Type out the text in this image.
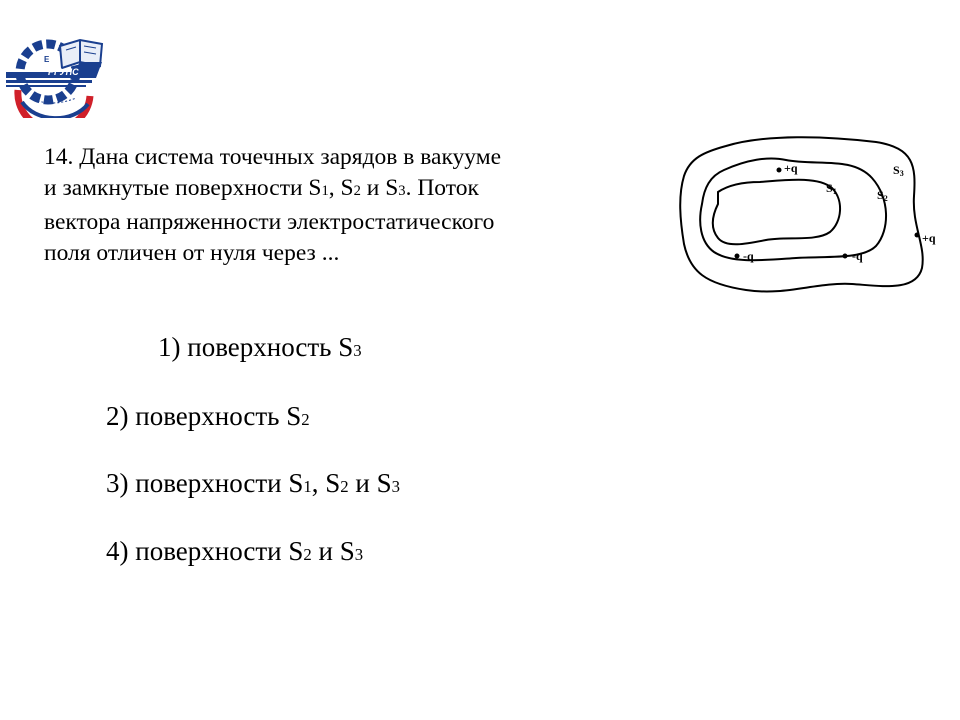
РГУПС
E
14. Дана система точечных зарядов в вакууме
и замкнутые поверхности S1, S2 и S3. Поток
вектора напряженности электростатического
поля отличен от нуля через ...
+q
+q
-q	-q
S1	S2
S3
1) поверхность S3
2) поверхность S2
3) поверхности S1, S2 и S3
4) поверхности S2 и S3
